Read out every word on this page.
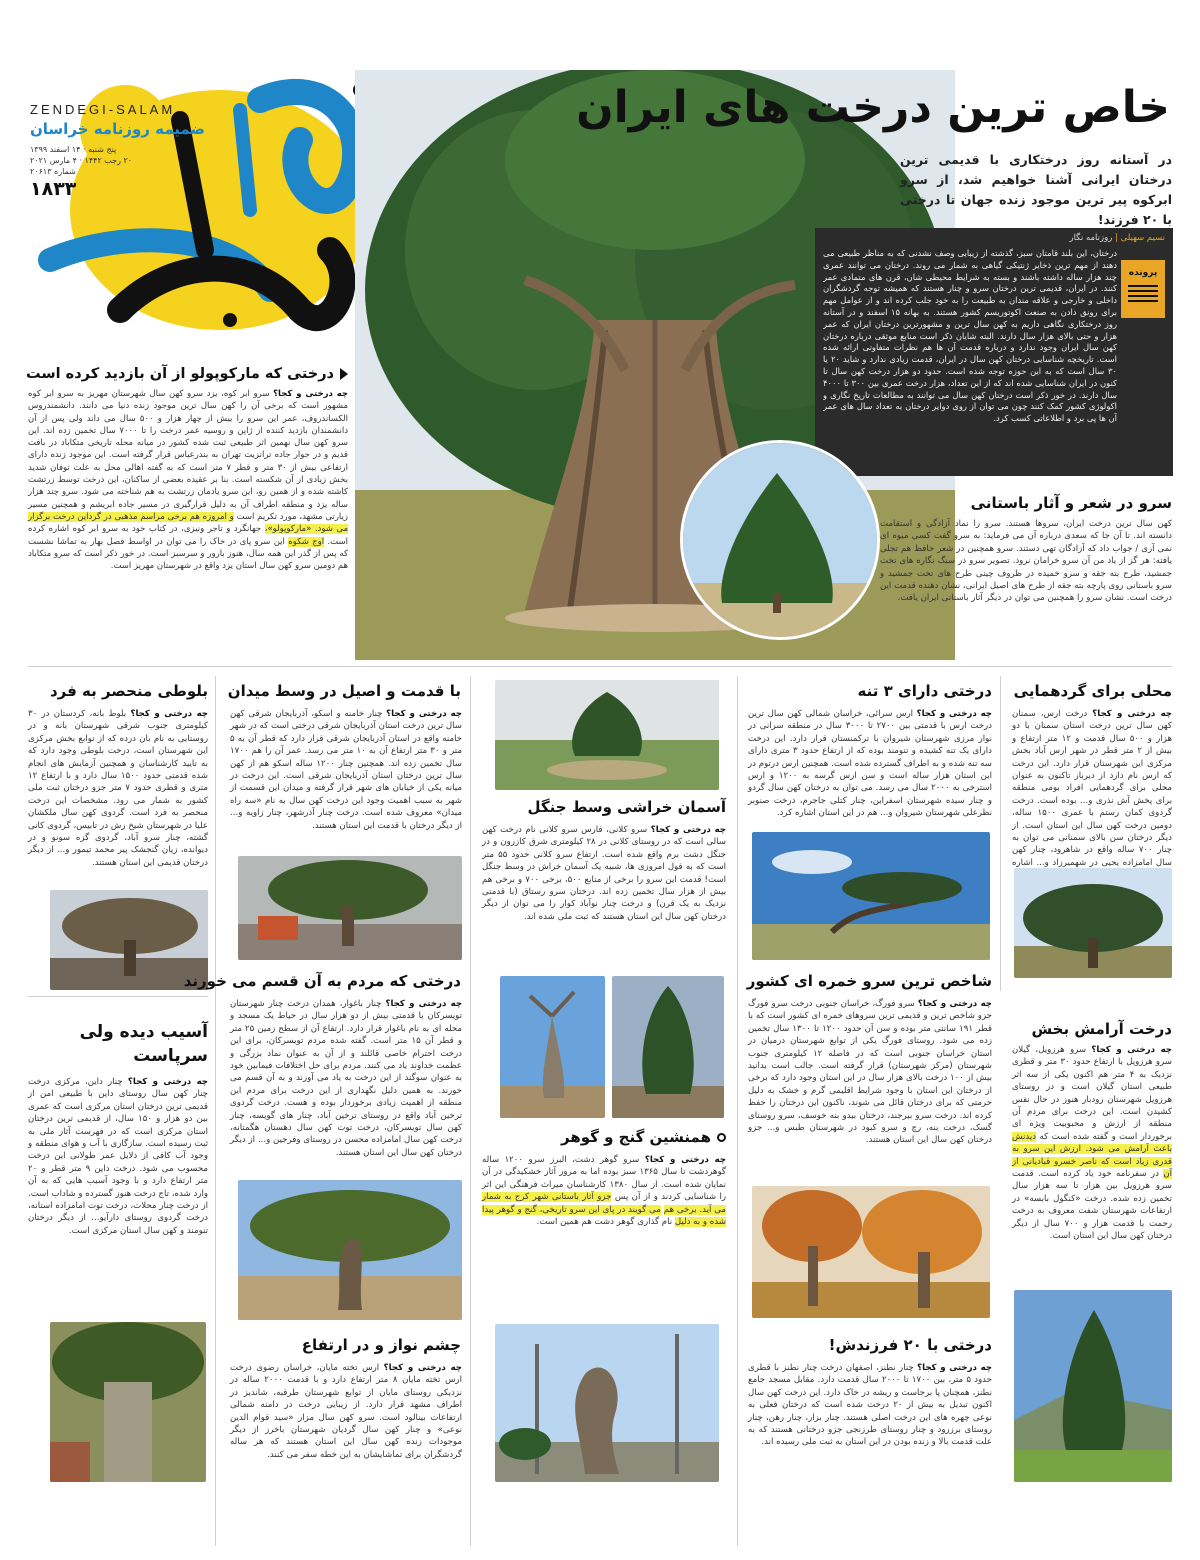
ZENDEGI-SALAM
ضمیمه روزنامه خراسان
پنج شنبه · ۱۴ اسفند ۱۳۹۹
۲۰ رجب ۱۴۴۲ · ۴ مارس ۲۰۲۱
شماره ۲۰۶۱۳
۱۸۳۳
خاص ترین درخت های ایران
در آستانه روز درختکاری با قدیمی ترین درختان ایرانی آشنا خواهیم شد، از سرو ابرکوه پیر ترین موجود زنده جهان تا درختی با ۲۰ فرزند!
پرونده
نسیم سهیلی | روزنامه نگار
درختان، این بلند قامتان سبز، گذشته از زیبایی وصف نشدنی که به مناظر طبیعی می دهند از مهم ترین ذخایر ژنتیکی گیاهی به شمار می روند. درختان می توانند عمری چند هزار ساله داشته باشند و بسته به شرایط محیطی شان، قرن های متمادی عمر کنند. در ایران، قدیمی ترین درختان سرو و چنار هستند که همیشه توجه گردشگران داخلی و خارجی و علاقه مندان به طبیعت را به خود جلب کرده اند و از عوامل مهم برای رونق دادن به صنعت اکوتوریسم کشور هستند. به بهانه ۱۵ اسفند و در آستانه روز درختکاری نگاهی داریم به کهن سال ترین و مشهورترین درختان ایران که عمر هزار و حتی بالای هزار سال دارند. البته شایان ذکر است منابع موثقی درباره درختان کهن سال ایران وجود ندارد و درباره قدمت آن ها هم نظرات متفاوتی ارائه شده است. تاریخچه شناسایی درختان کهن سال در ایران، قدمت زیادی ندارد و شاید ۲۰ یا ۳۰ سال است که به این حوزه توجه شده است. حدود دو هزار درخت کهن سال تا کنون در ایران شناسایی شده اند که از این تعداد، هزار درخت عمری بین ۳۰۰ تا ۴۰۰۰ سال دارند. در خور ذکر است درختان کهن سال می توانند به مطالعات تاریخ نگاری و اکولوژی کشور کمک کنند چون می توان از روی دوایر درختان به تعداد سال های عمر آن ها پی برد و اطلاعاتی کسب کرد.
درختی که مارکوپولو از آن بازدید کرده است
چه درختی و کجا؟ سرو ابر کوه، یزد سرو کهن سال شهرستان مهریز به سرو ابر کوه مشهور است که برخی آن را کهن سال ترین موجود زنده دنیا می دانند. دانشمندروس الکساندروف، عمر این سرو را بیش از چهار هزار و ۵۰۰ سال می داند ولی پس از آن دانشمندان بازدید کننده از ژاپن و روسیه عمر درخت را تا ۷۰۰۰ سال تخمین زده اند. این سرو کهن سال نهمین اثر طبیعی ثبت شده کشور در میانه محله تاریخی متکاباد در بافت قدیم و در جوار جاده ترانزیت تهران به بندرعباس قرار گرفته است. این موجود زنده دارای ارتفاعی بیش از ۳۰ متر و قطر ۷ متر است که به گفته اهالی محل به علت توفان شدید بخش زیادی از آن شکسته است. بنا بر عقیده بعضی از ساکنان، این درخت توسط زرتشت کاشته شده و از همین رو، این سرو یادمان زرتشت به هم شناخته می شود. سرو چند هزار ساله یزد و منطقه اطراف آن به دلیل قرارگیری در مسیر جاده ابریشم و همچنین مسیر زیارتی مشهد، مورد تکریم است و امروزه هم برخی مراسم مذهبی در گرداین درخت برگزار می شود. «مارکوپولو»، جهانگرد و تاجر ونیزی، در کتاب خود به سرو ابر کوه اشاره کرده است. اوج شکوه این سرو پای در خاک را می توان در اواسط فصل بهار به تماشا نشست که پس از گذر این همه سال، هنوز بارور و سرسبز است. در خور ذکر است که سرو متکاباد هم دومین سرو کهن سال استان یزد واقع در شهرستان مهریز است.
سرو در شعر و آثار باستانی
کهن سال ترین درخت ایران، سروها هستند. سرو را نماد آزادگی و استقامت دانسته اند. تا آن جا که سعدی درباره آن می فرماید: به سرو گفت کسی میوه ای نمی آری / جواب داد که آزادگان تهی دستند. سرو همچنین در شعر حافظ هم تجلی یافته: هر گز از یاد من آن سرو خرامان نرود. تصویر سرو در سنگ نگاره های تخت جمشید، طرح بته جقه و سرو خمیده در ظروف چینی طرح های تخت جمشید و سرو باستانی روی پارچه بته جقه از طرح های اصیل ایرانی، نشان دهنده قدمت این درخت است. نشان سرو را همچنین می توان در دیگر آثار باستانی ایران یافت.
محلی برای گردهمایی
چه درختی و کجا؟ درخت ارس، سمنان کهن سال ترین درخت استان سمنان با دو هزار و ۵۰۰ سال قدمت و ۱۲ متر ارتفاع و بیش از ۲ متر قطر در شهر ارس آباد بخش مرکزی این شهرستان قرار دارد. این درخت که ارس نام دارد از دیرباز تاکنون به عنوان محلی برای گردهمایی افراد بومی منطقه برای پخش آش نذری و... بوده است. درخت گردوی کمان رستم با عمری ۱۵۰۰ ساله، دومین درخت کهن سال این استان است. از دیگر درختان سن بالای سمنانی می توان به چنار ۷۰۰ ساله واقع در شاهرود، چنار کهن سال امامزاده یحیی در شهمیرزاد و... اشاره
درختی دارای ۳ تنه
چه درختی و کجا؟ ارس سرائی، خراسان شمالی کهن سال ترین درخت ارس با قدمتی بین ۲۷۰۰ تا ۳۰۰۰ سال در منطقه سرانی در نوار مرزی شهرستان شیروان با ترکمنستان قرار دارد. این درخت دارای یک تنه کشیده و تنومند بوده که از ارتفاع حدود ۳ متری دارای سه تنه شده و به اطراف گسترده شده است. همچنین ارس درتوم در این استان هزار ساله است و سن ارس گرسه به ۱۲۰۰ و ارس استرخی به ۲۰۰۰ سال می رسد. می توان به درختان کهن سال گردو و چنار سیده شهرستان اسفراین، چنار کتلی جاجرم، درخت صنوبر نظرعلی شهرستان شیروان و... هم در این استان اشاره کرد.
آسمان خراشی وسط جنگل
چه درختی و کجا؟ سرو کلانی، فارس سرو کلانی نام درخت کهن سالی است که در روستای کلانی در ۲۸ کیلومتری شرق کازرون و در جنگل دشت برم واقع شده است. ارتفاع سرو کلانی حدود ۵۵ متر است که به قول امروزی ها، شبیه یک آسمان خراش در وسط جنگل است! قدمت این سرو را برخی از منابع ۵۰۰، برخی ۷۰۰ و برخی هم بیش از هزار سال تخمین زده اند. درختان سرو رستاق (با قدمتی نزدیک به یک قرن) و درخت چنار نوآباد کوار را می توان از دیگر درختان کهن سال این استان هستند که ثبت ملی شده اند.
با قدمت و اصیل در وسط میدان
چه درختی و کجا؟ چنار خامنه و اسکو، آذربایجان شرقی کهن سال ترین درخت استان آذربایجان شرقی درختی است که در شهر خامنه واقع در استان آذربایجان شرقی قرار دارد که قطر آن به ۵ متر و ۳۰ متر ارتفاع آن به ۱۰ متر می رسد. عمر آن را هم ۱۷۰۰ سال تخمین زده اند. همچنین چنار ۱۲۰۰ ساله اسکو هم از کهن سال ترین درختان استان آذربایجان شرقی است. این درخت در میانه یکی از خیابان های شهر قرار گرفته و میدان این قسمت از شهر به سبب اهمیت وجود این درخت کهن سال به نام «سه راه میدان» معروف شده است. درخت چنار آذرشهر، چنار زاویه و... از دیگر درختان با قدمت این استان هستند.
بلوطی منحصر به فرد
چه درختی و کجا؟ بلوط بانه، کردستان در ۳۰ کیلومتری جنوب شرقی شهرستان بانه و در روستایی به نام بان درده که از توابع بخش مرکزی این شهرستان است، درخت بلوطی وجود دارد که به تایید کارشناسان و همچنین آزمایش های انجام شده قدمتی حدود ۱۵۰۰ سال دارد و با ارتفاع ۱۲ متری و قطری حدود ۷ متر جزو درختان ثبت ملی کشور به شمار می رود. مشخصات این درخت منحصر به فرد است. گردوی کهن سال ملکشان علیا در شهرستان شیخ رش در تابیس، گردوی کانی گشته، چنار سرو آباد، گردوی گزه سونو و در دیوانده، زیان گنجشک پیر محمد تیمور و... از دیگر درختان قدیمی این استان هستند.
درختی که مردم به آن قسم می خورند
چه درختی و کجا؟ چنار باغوار، همدان درخت چنار شهرستان تویسرکان با قدمتی بیش از دو هزار سال در حیاط یک مسجد و محله ای به نام باغوار قرار دارد. ارتفاع آن از سطح زمین ۲۵ متر و قطر آن ۱۵ متر است. گفته شده مردم تویسرکان، برای این درخت احترام خاصی قائلند و از آن به عنوان نماد بزرگی و عظمت خداوند یاد می کنند. مردم برای حل اختلافات فیمابین خود به عنوان سوگند از این درخت به یاد می آورند و به آن قسم می خورند. به همین دلیل نگهداری از این درخت برای مردم این منطقه از اهمیت زیادی برخوردار بوده و هست. درخت گردوی ترخین آباد واقع در روستای ترخین آباد، چنار های گویسه، چنار کهن سال تویسرکان، درخت توت کهن سال دهستان هگمتانه، درخت کهن سال امامزاده محسن در روستای وفرجین و... از دیگر درختان کهن سال این استان هستند.
آسیب دیده ولی
سرپاست
چه درختی و کجا؟ چنار داین، مرکزی درخت چنار کهن سال روستای داین با طبیعی امن از قدیمی ترین درختان استان مرکزی است که عمری بین دو هزار و ۱۵۰ سال، از قدیمی ترین درختان استان مرکزی است که در فهرست آثار ملی به ثبت رسیده است. سازگاری با آب و هوای منطقه و وجود آب کافی از دلایل عمر طولانی این درخت محسوب می شود. درخت داین ۹ متر قطر و ۲۰ متر ارتفاع دارد و با وجود آسیب هایی که به آن وارد شده، تاج درخت هنوز گسترده و شاداب است. از درخت چنار محلات، درخت توت امامزاده استانه، درخت گردوی روستای دارآیو... از دیگر درختان تنومند و کهن سال استان مرکزی است.
شاخص ترین سرو خمره ای کشور
چه درختی و کجا؟ سرو فورگ، خراسان جنوبی درخت سرو فورگ جزو شاخص ترین و قدیمی ترین سروهای خمره ای کشور است که با قطر ۱۹۱ سانتی متر بوده و سن آن حدود ۱۲۰۰ تا ۱۳۰۰ سال تخمین زده می شود. روستای فورگ یکی از توابع شهرستان درمیان در استان خراسان جنوبی است که در فاصله ۱۲ کیلومتری جنوب شهرستان (مرکز شهرستان) قرار گرفته است. جالب است بدانید بیش از ۱۰۰ درخت بالای هزار سال در این استان وجود دارد که برخی از درختان این استان با وجود شرایط اقلیمی گرم و خشک به دلیل حرمتی که برای درختان قائل می شوند، ناکنون این درختان را حفظ کرده اند. درخت سرو بیرجند، درختان بیدو بنه خوسف، سرو روستای گسک، درخت بنه، رچ و سرو کبود در شهرستان طبس و... جزو درختان کهن سال این استان هستند.
درخت آرامش بخش
چه درختی و کجا؟ سرو هرزویل، گیلان سرو هرزویل با ارتفاع حدود ۳۰ متر و قطری نزدیک به ۴ متر هم اکنون یکی از سه اثر طبیعی استان گیلان است و در روستای هرزویل شهرستان رودبار هنوز در حال نفس کشیدن است. این درخت برای مردم آن منطقه از ارزش و محبوبیت ویژه ای برخوردار است و گفته شده است که دیدنش باعث آرامش می شود. ارزش این سرو به قدری زیاد است که ناصر خسرو قبادیانی از آن در سفرنامه خود یاد کرده است. قدمت سرو هرزویل بین هزار تا سه هزار سال تخمین زده شده. درخت «کنگول بابسه» در ارتفاعات شهرستان شفت معروف به درخت رحمت با قدمت هزار و ۷۰۰ سال از دیگر درختان کهن سال این استان است.
همنشین گنج و گوهر
چه درختی و کجا؟ سرو گوهر دشت، البرز سرو ۱۲۰۰ ساله گوهردشت تا سال ۱۳۶۵ سبز بوده اما به مرور آثار خشکیدگی در آن نمایان شده است. از سال ۱۳۸۰ کارشناسان میراث فرهنگی این اثر را شناسایی کردند و از آن پس جزو آثار باستانی شهر کرج به شمار می آید. برخی هم می گویند در پای این سرو تاریخی، گنج و گوهر پیدا شده و به دلیل نام گذاری گوهر دشت هم همین است.
درختی با ۲۰ فرزندش!
چه درختی و کجا؟ چنار نطنز، اصفهان درخت چنار نطنز با قطری حدود ۵ متر، بین ۱۷۰۰ تا ۲۰۰۰ سال قدمت دارد. مقابل مسجد جامع نطنز، همچنان پا برجاست و ریشه در خاک دارد. این درخت کهن سال اکنون تبدیل به بیش از ۲۰ درخت شده است که درختان فعلی به نوعی چهره های این درخت اصلی هستند. چنار بزار، چنار رهن، چنار روستای برزرود و چنار روستای طرزنجی جزو درختانی هستند که به علت قدمت بالا و زنده بودن در این استان به ثبت ملی رسیده اند.
چشم نواز و در ارتفاع
چه درختی و کجا؟ ارس تخته مایان، خراسان رضوی درخت ارس تخته مایان ۸ متر ارتفاع دارد و با قدمت ۲۰۰۰ ساله در نزدیکی روستای مایان از توابع شهرستان طرقبه، شاندیز در اطراف مشهد قرار دارد. از زیبایی درخت در دامنه شمالی ارتفاعات بینالود است. سرو کهن سال مزار «سید قوام الدین نوعی» و چنار کهن سال گردیان شهرستان باخرز از دیگر موجودات زنده کهن سال این استان هستند که هر ساله گردشگران برای تماشایشان به این خطه سفر می کنند.
